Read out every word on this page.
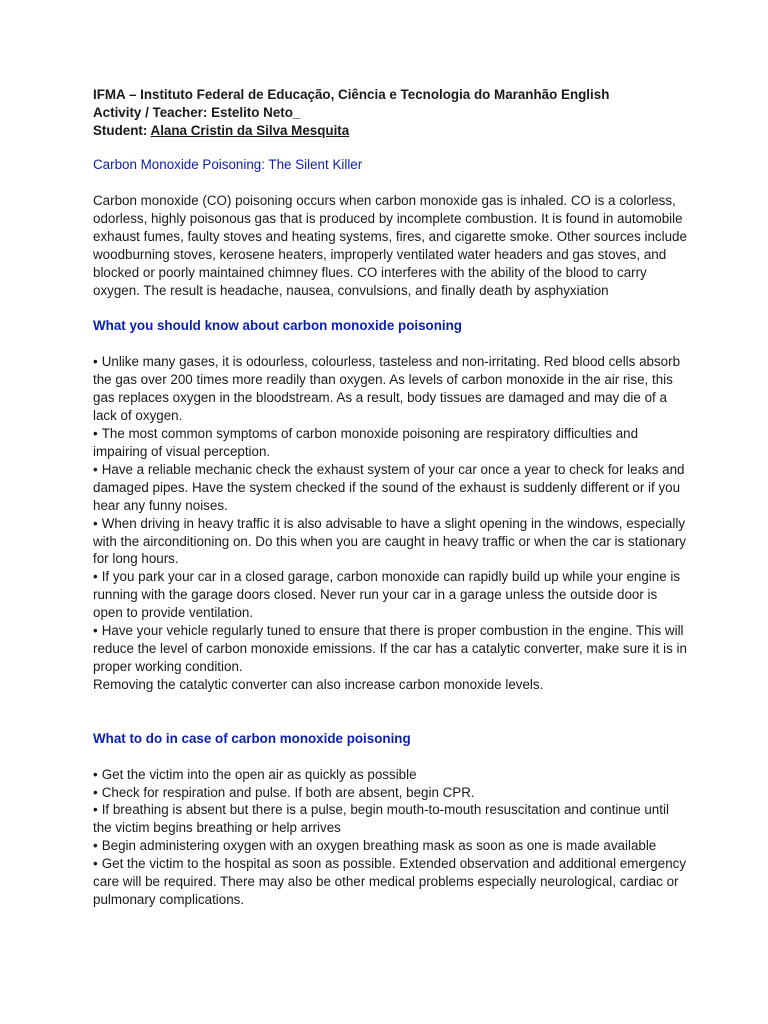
IFMA – Instituto Federal de Educação, Ciência e Tecnologia do Maranhão English

Activity / Teacher: Estelito Neto_

Student: Alana Cristin da Silva Mesquita

Carbon Monoxide Poisoning: The Silent Killer

Carbon monoxide (CO) poisoning occurs when carbon monoxide gas is inhaled. CO is a colorless, odorless, highly poisonous gas that is produced by incomplete combustion. It is found in automobile exhaust fumes, faulty stoves and heating systems, fires, and cigarette smoke. Other sources include woodburning stoves, kerosene heaters, improperly ventilated water headers and gas stoves, and blocked or poorly maintained chimney flues. CO interferes with the ability of the blood to carry oxygen. The result is headache, nausea, convulsions, and finally death by asphyxiation

What you should know about carbon monoxide poisoning
• Unlike many gases, it is odourless, colourless, tasteless and non-irritating. Red blood cells absorb the gas over 200 times more readily than oxygen. As levels of carbon monoxide in the air rise, this gas replaces oxygen in the bloodstream. As a result, body tissues are damaged and may die of a lack of oxygen.
• The most common symptoms of carbon monoxide poisoning are respiratory difficulties and impairing of visual perception.
• Have a reliable mechanic check the exhaust system of your car once a year to check for leaks and damaged pipes. Have the system checked if the sound of the exhaust is suddenly different or if you hear any funny noises.
• When driving in heavy traffic it is also advisable to have a slight opening in the windows, especially with the airconditioning on. Do this when you are caught in heavy traffic or when the car is stationary for long hours.
• If you park your car in a closed garage, carbon monoxide can rapidly build up while your engine is running with the garage doors closed. Never run your car in a garage unless the outside door is open to provide ventilation.
• Have your vehicle regularly tuned to ensure that there is proper combustion in the engine. This will reduce the level of carbon monoxide emissions. If the car has a catalytic converter, make sure it is in proper working condition.

Removing the catalytic converter can also increase carbon monoxide levels.

What to do in case of carbon monoxide poisoning
• Get the victim into the open air as quickly as possible
• Check for respiration and pulse. If both are absent, begin CPR.
• If breathing is absent but there is a pulse, begin mouth-to-mouth resuscitation and continue until the victim begins breathing or help arrives
• Begin administering oxygen with an oxygen breathing mask as soon as one is made available
• Get the victim to the hospital as soon as possible. Extended observation and additional emergency care will be required. There may also be other medical problems especially neurological, cardiac or pulmonary complications.
